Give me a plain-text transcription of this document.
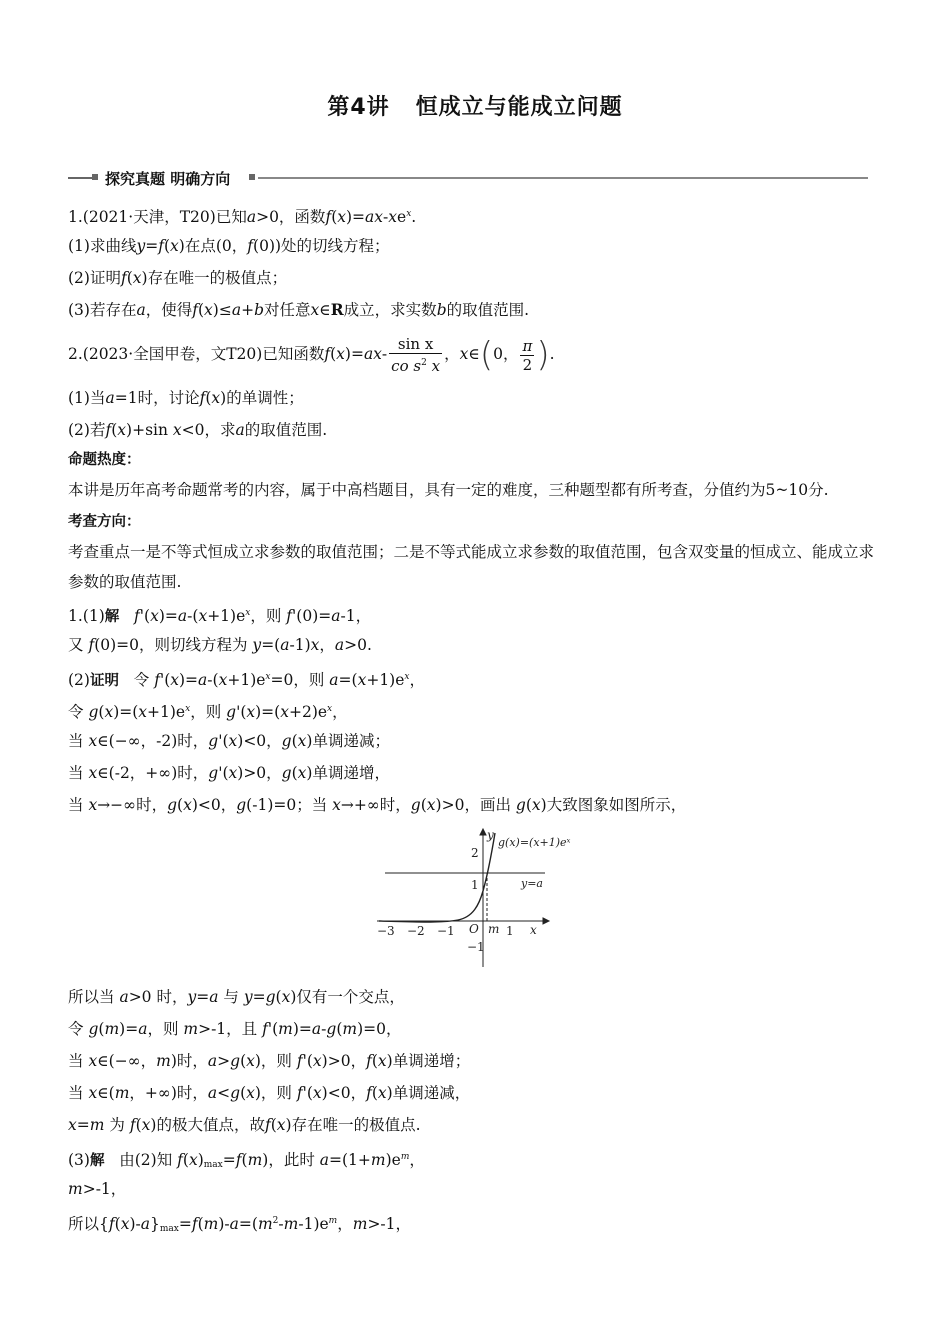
第4讲 恒成立与能成立问题
探究真题 明确方向
1.(2021·天津，T20)已知a>0，函数$f(x)=ax-xe^x$.
(1)求曲线y=f(x)在点(0，f(0))处的切线方程；
(2)证明f(x)存在唯一的极值点；
(3)若存在a，使得f(x)≤a+b对任意x∈R成立，求实数b的取值范围.
2.(2023·全国甲卷，文T20)已知函数$f(x)=ax- \frac{\text{sin x}}{co s^2 x}$ ，x∈(0， $\frac{\pi}{2}$ ).
(1)当a=1时，讨论f(x)的单调性；
(2)若f(x)+sin x<0，求a的取值范围.
命题热度：
本讲是历年高考命题常考的内容，属于中高档题目，具有一定的难度，三种题型都有所考查，分值约为5~10分.
考查方向：
考查重点一是不等式恒成立求参数的取值范围；二是不等式能成立求参数的取值范围，包含双变量的恒成立、能成立求参数的取值范围.
1.(1)解 $f'(x)=a-(x+1)e^x$，则 f'(0)=a-1，
又 f(0)=0，则切线方程为 y=(a-1)x，a>0.
(2)证明   令 $f'(x)=a-(x+1)e^x=0$，则 $a=(x+1)e^x$，
令 $g(x)=(x+1)e^x$，则 $g'(x)=(x+2)e^x$，
当 x∈(−∞，-2)时，g'(x)<0，g(x)单调递减；
当 x∈(-2，+∞)时，g'(x)>0，g(x)单调递增，
当 x→−∞时，g(x)<0，g(-1)=0；当 x→+∞时，g(x)>0，画出 g(x)大致图象如图所示，
−3 −2 −1	1
2
1
−1
O m	x
y
g(x)=(x+1)eˣ
y=a
所以当 a>0 时，y=a 与 y=g(x)仅有一个交点，
令 g(m)=a，则 m>-1，且 f'(m)=a-g(m)=0，
当 x∈(−∞，m)时，a>g(x)，则 f'(x)>0，f(x)单调递增；
当 x∈(m，+∞)时，a<g(x)，则 f'(x)<0，f(x)单调递减，
x=m 为 f(x)的极大值点，故f(x)存在唯一的极值点.
(3)解   由(2)知 $f(x)_{max}=f(m)$，此时 $a=(1+m)e^m$，
m>-1，
所以$\{f(x)-a\}_{max}=f(m)-a=(m^2-m-1)e^m$，m>-1，
